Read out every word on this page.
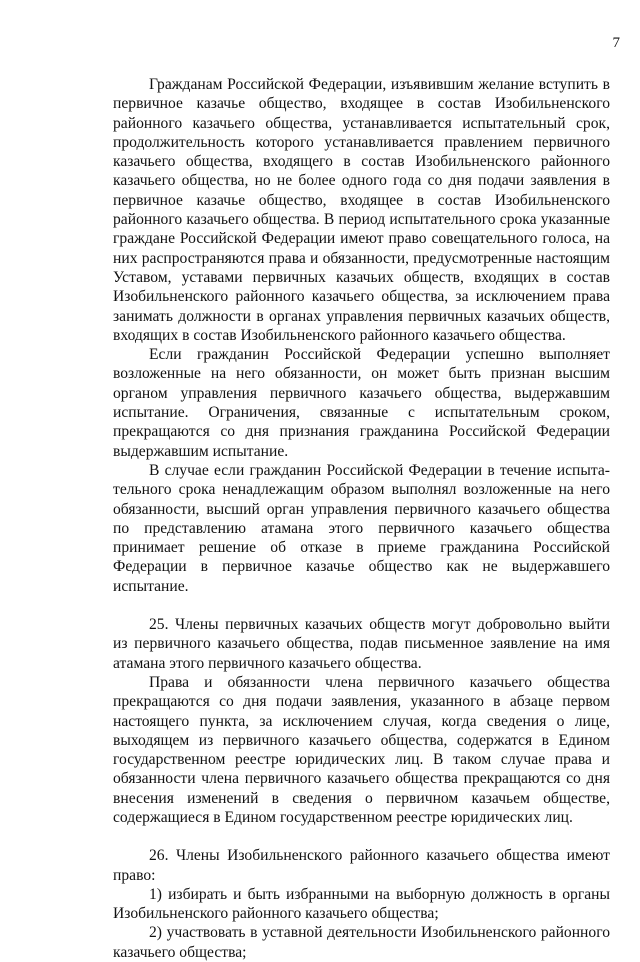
7

Гражданам Российской Федерации, изъявившим желание вступить в первичное казачье общество, входящее в состав Изобильненского районного казачьего общества, устанавливается испытательный срок, продолжительность которого устанавливается правлением первичного казачьего общества, входящего в состав Изобильненского районного казачьего общества, но не более одного года со дня подачи заявления в первичное казачье общество, входящее в состав Изобильненского районного казачьего общества. В период испытательного срока указанные граждане Российской Федерации имеют право совещательного голоса, на них распространяются права и обязанности, предусмотренные настоящим Уставом, уставами первичных казачьих обществ, входящих в состав Изобильненского районного казачьего общества, за исключением права занимать должности в органах управления первичных казачьих обществ, входящих в состав Изобильненского районного казачьего общества.

Если гражданин Российской Федерации успешно выполняет возложенные на него обязанности, он может быть признан высшим органом управления первичного казачьего общества, выдержавшим испытание. Ограничения, связанные с испытательным сроком, прекращаются со дня признания гражданина Российской Федерации выдержавшим испытание.

В случае если гражданин Российской Федерации в течение испытательного срока ненадлежащим образом выполнял возложенные на него обязанности, высший орган управления первичного казачьего общества по представлению атамана этого первичного казачьего общества принимает решение об отказе в приеме гражданина Российской Федерации в первичное казачье общество как не выдержавшего испытание.

25. Члены первичных казачьих обществ могут добровольно выйти из первичного казачьего общества, подав письменное заявление на имя атамана этого первичного казачьего общества.

Права и обязанности члена первичного казачьего общества прекращаются со дня подачи заявления, указанного в абзаце первом настоящего пункта, за исключением случая, когда сведения о лице, выходящем из первичного казачьего общества, содержатся в Едином государственном реестре юридических лиц. В таком случае права и обязанности члена первичного казачьего общества прекращаются со дня внесения изменений в сведения о первичном казачьем обществе, содержащиеся в Едином государственном реестре юридических лиц.

26. Члены Изобильненского районного казачьего общества имеют право:

1) избирать и быть избранными на выборную должность в органы Изобильненского районного казачьего общества;

2) участвовать в уставной деятельности Изобильненского районного казачьего общества;
